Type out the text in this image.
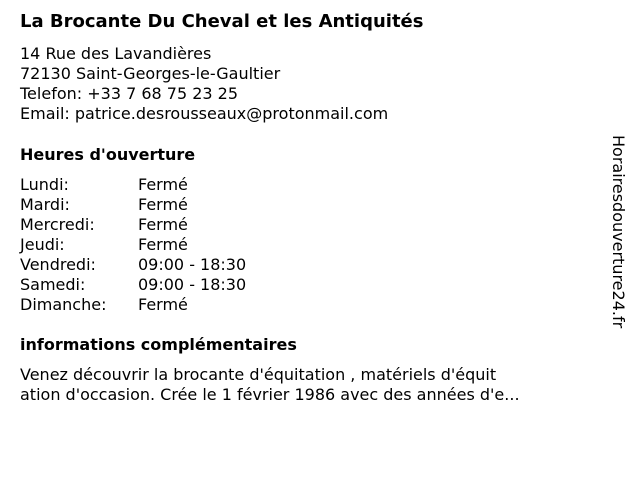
La Brocante Du Cheval et les Antiquités
14 Rue des Lavandières
72130 Saint-Georges-le-Gaultier
Telefon: +33 7 68 75 23 25
Email: patrice.desrousseaux@protonmail.com
Heures d'ouverture
Lundi:	Fermé
Mardi:	Fermé
Mercredi:	Fermé
Jeudi:	Fermé
Vendredi:	09:00 - 18:30
Samedi:	09:00 - 18:30
Dimanche:	Fermé
informations complémentaires
Venez découvrir la brocante d'équitation , matériels d'équit
ation d'occasion. Crée le 1 février 1986 avec des années d'e...
Horairesdouverture24.fr
